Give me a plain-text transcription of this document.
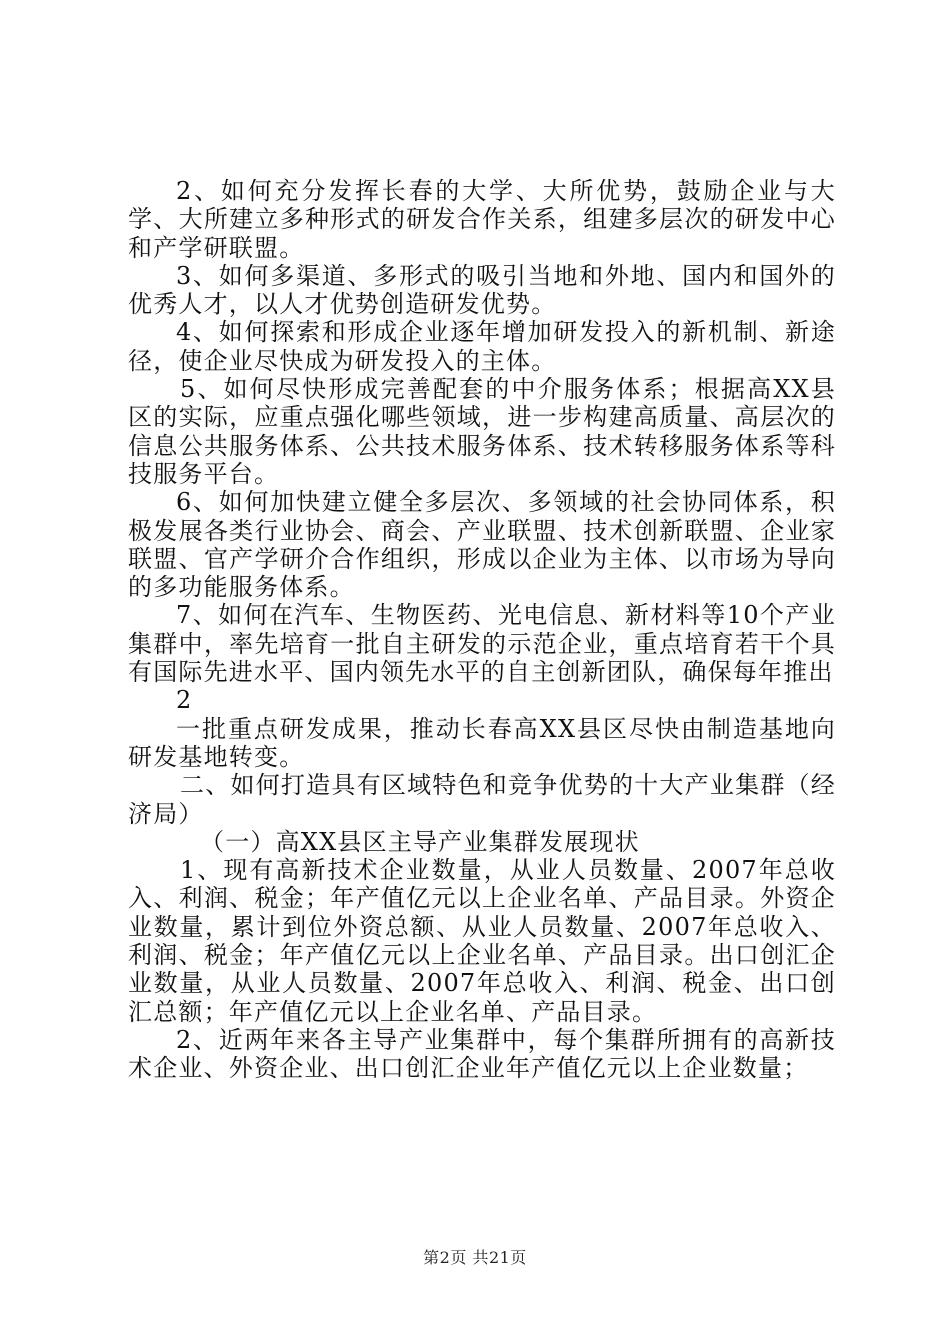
2、如何充分发挥长春的大学、大所优势，鼓励企业与大学、大所建立多种形式的研发合作关系，组建多层次的研发中心和产学研联盟。

3、如何多渠道、多形式的吸引当地和外地、国内和国外的优秀人才，以人才优势创造研发优势。

4、如何探索和形成企业逐年增加研发投入的新机制、新途径，使企业尽快成为研发投入的主体。

5、如何尽快形成完善配套的中介服务体系；根据高XX县区的实际，应重点强化哪些领域，进一步构建高质量、高层次的信息公共服务体系、公共技术服务体系、技术转移服务体系等科技服务平台。

6、如何加快建立健全多层次、多领域的社会协同体系，积极发展各类行业协会、商会、产业联盟、技术创新联盟、企业家联盟、官产学研介合作组织，形成以企业为主体、以市场为导向的多功能服务体系。

7、如何在汽车、生物医药、光电信息、新材料等10个产业集群中，率先培育一批自主研发的示范企业，重点培育若干个具有国际先进水平、国内领先水平的自主创新团队，确保每年推出

2

一批重点研发成果，推动长春高XX县区尽快由制造基地向研发基地转变。

二、如何打造具有区域特色和竞争优势的十大产业集群（经济局）

（一）高XX县区主导产业集群发展现状

1、现有高新技术企业数量，从业人员数量、2007年总收入、利润、税金；年产值亿元以上企业名单、产品目录。外资企业数量，累计到位外资总额、从业人员数量、2007年总收入、利润、税金；年产值亿元以上企业名单、产品目录。出口创汇企业数量，从业人员数量、2007年总收入、利润、税金、出口创汇总额；年产值亿元以上企业名单、产品目录。

2、近两年来各主导产业集群中，每个集群所拥有的高新技术企业、外资企业、出口创汇企业年产值亿元以上企业数量；

第2页 共21页
